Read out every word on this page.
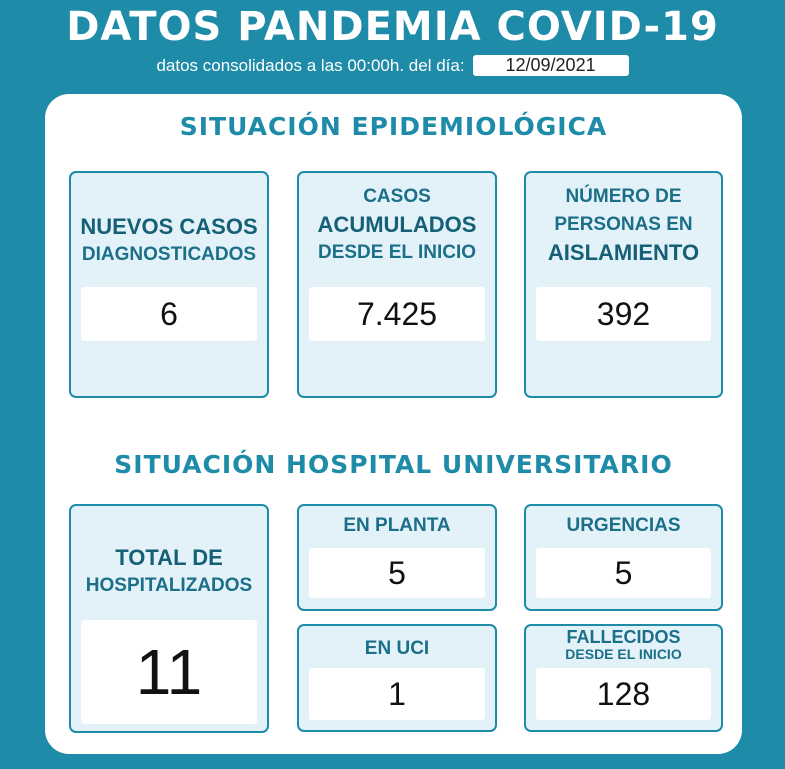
DATOS PANDEMIA COVID-19
datos consolidados a las 00:00h. del día: 12/09/2021
SITUACIÓN EPIDEMIOLÓGICA
NUEVOS CASOS
DIAGNOSTICADOS
6
CASOS
ACUMULADOS
DESDE EL INICIO
7.425
NÚMERO DE
PERSONAS EN
AISLAMIENTO
392
SITUACIÓN HOSPITAL UNIVERSITARIO
TOTAL DE
HOSPITALIZADOS
11
EN PLANTA
5
URGENCIAS
5
EN UCI
1
FALLECIDOS
DESDE EL INICIO
128
